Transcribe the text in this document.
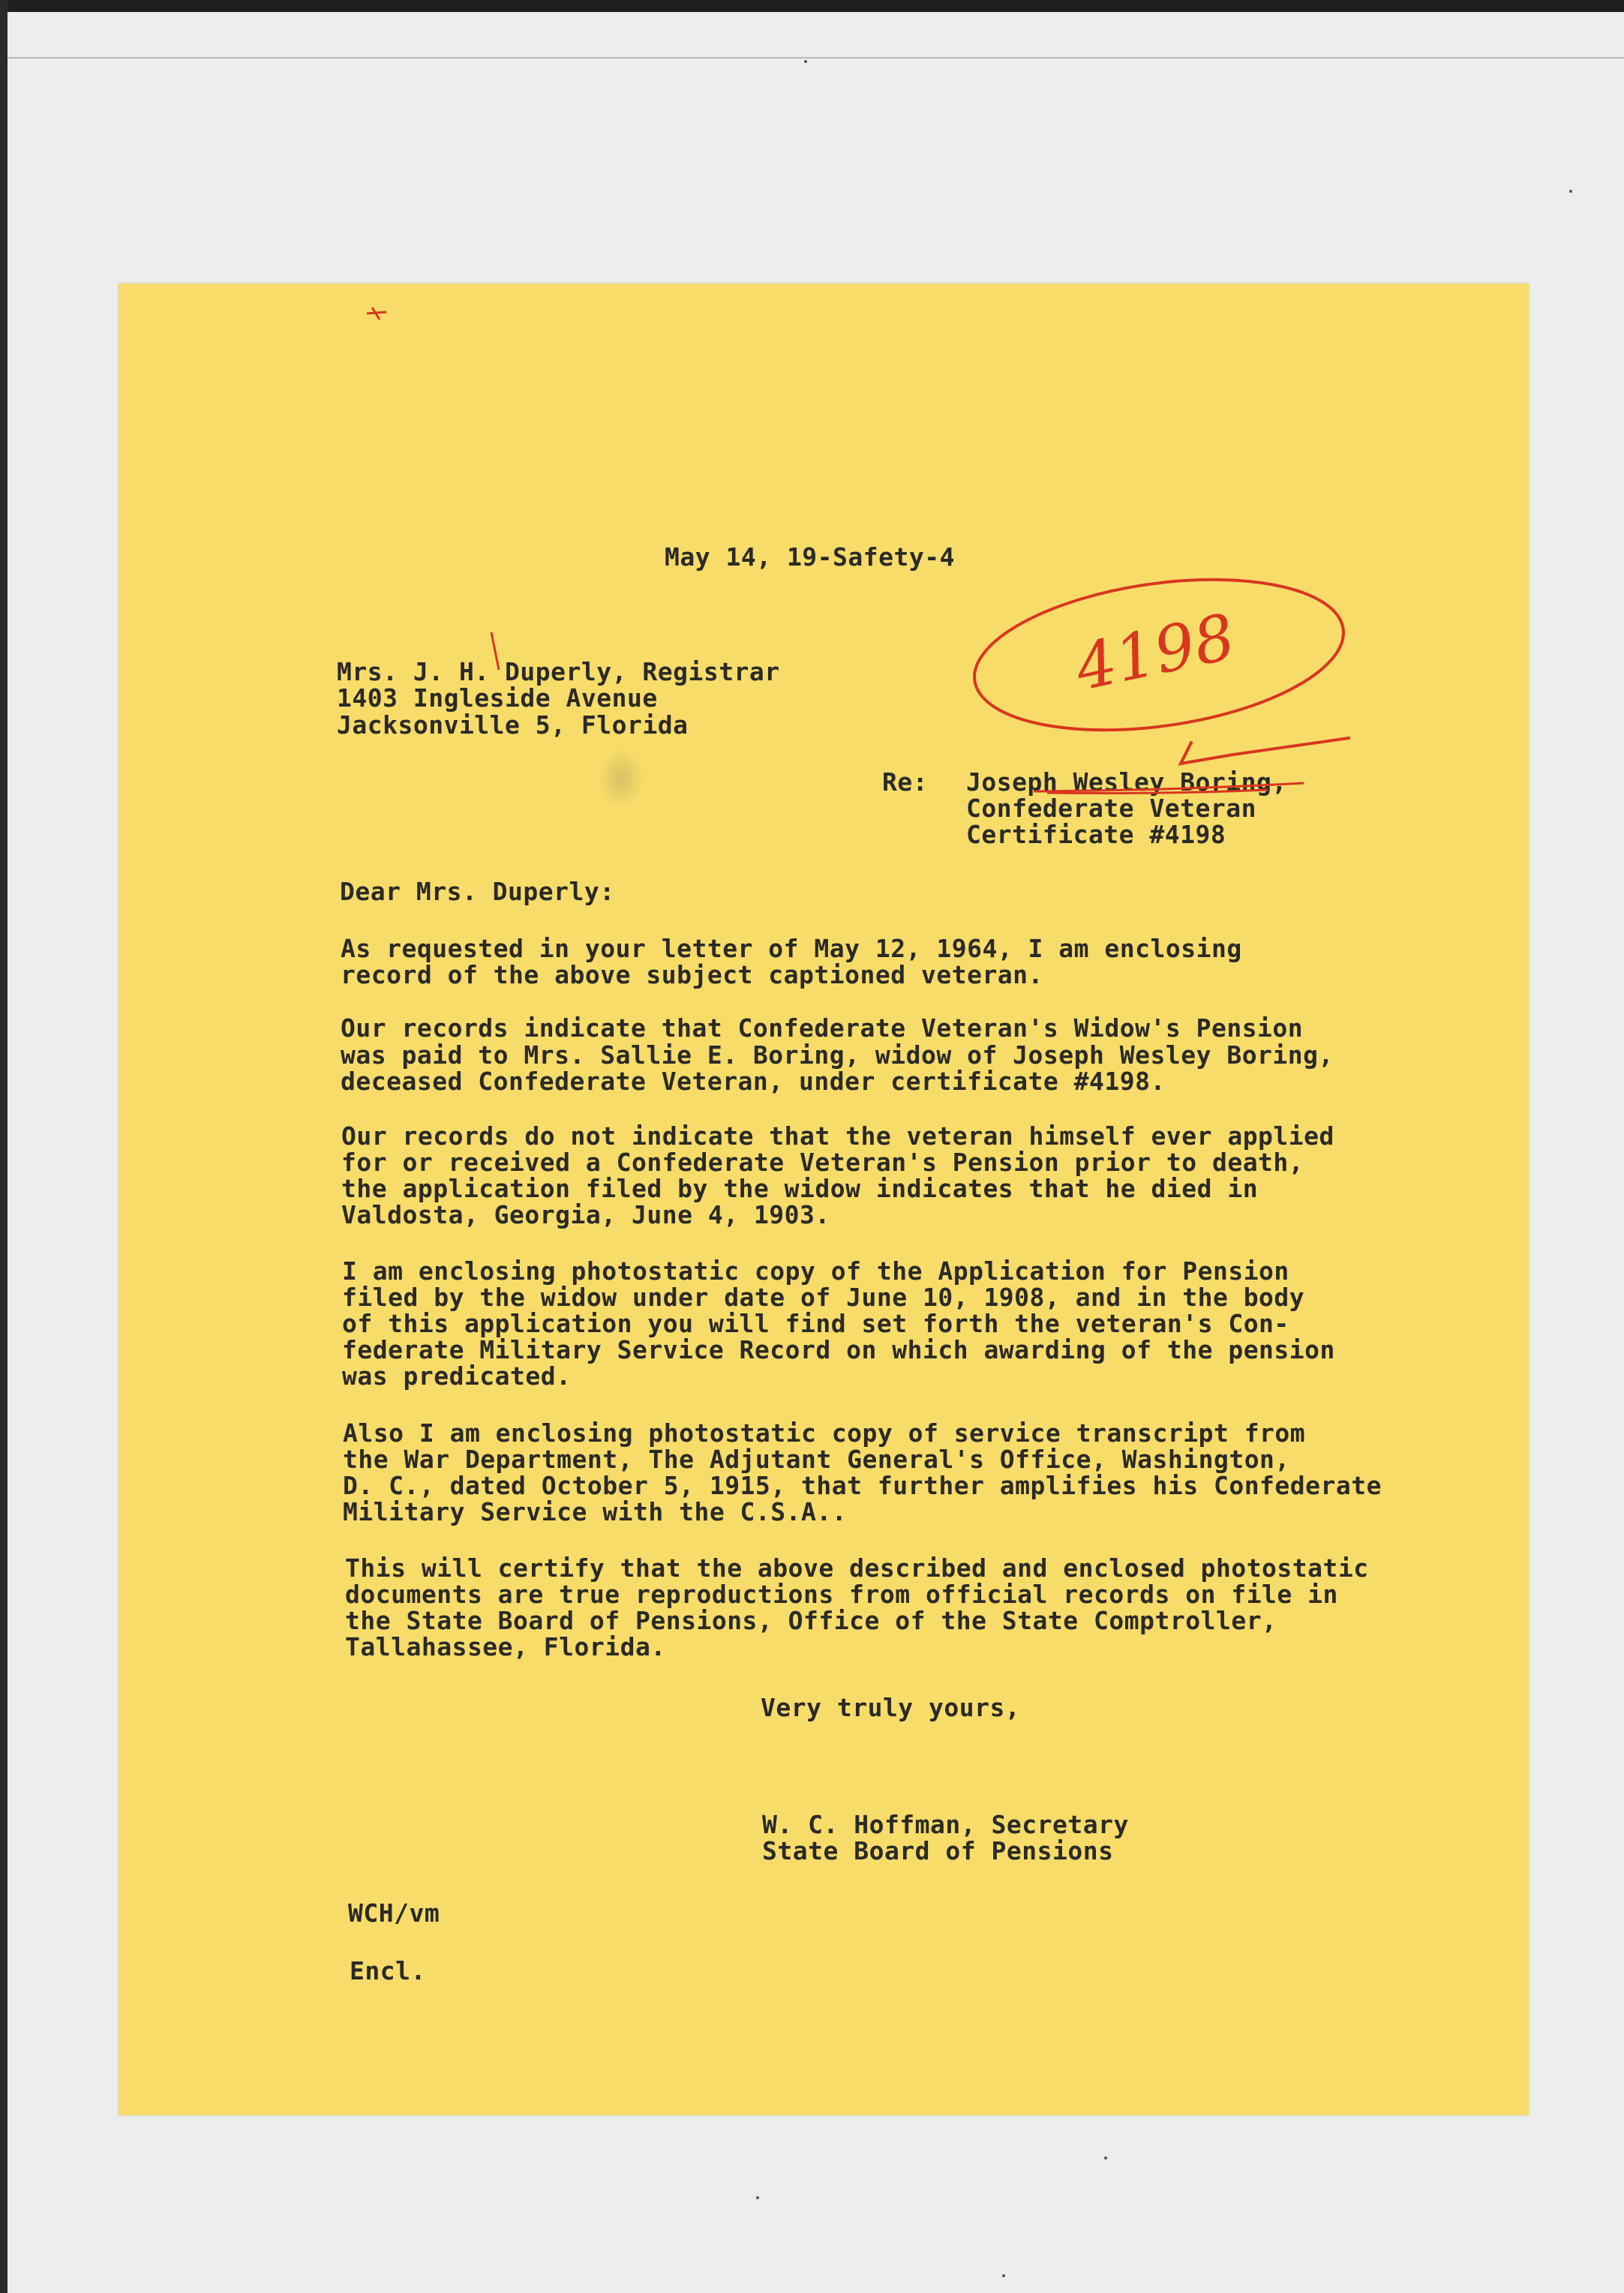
May 14, 19-Safety-4

Mrs. J. H. Duperly, Registrar

1403 Ingleside Avenue

Jacksonville 5, Florida

Re: Joseph Wesley Boring,

Confederate Veteran

Certificate #4198

Dear Mrs. Duperly:

As requested in your letter of May 12, 1964, I am enclosing

record of the above subject captioned veteran.

Our records indicate that Confederate Veteran's Widow's Pension

was paid to Mrs. Sallie E. Boring, widow of Joseph Wesley Boring,

deceased Confederate Veteran, under certificate #4198.

Our records do not indicate that the veteran himself ever applied

for or received a Confederate Veteran's Pension prior to death,

the application filed by the widow indicates that he died in

Valdosta, Georgia, June 4, 1903.

I am enclosing photostatic copy of the Application for Pension

filed by the widow under date of June 10, 1908, and in the body

of this application you will find set forth the veteran's Con-

federate Military Service Record on which awarding of the pension

was predicated.

Also I am enclosing photostatic copy of service transcript from

the War Department, The Adjutant General's Office, Washington,

D. C., dated October 5, 1915, that further amplifies his Confederate

Military Service with the C.S.A..

This will certify that the above described and enclosed photostatic

documents are true reproductions from official records on file in

the State Board of Pensions, Office of the State Comptroller,

Tallahassee, Florida.

Very truly yours,

W. C. Hoffman, Secretary

State Board of Pensions

WCH/vm

Encl.

4198
